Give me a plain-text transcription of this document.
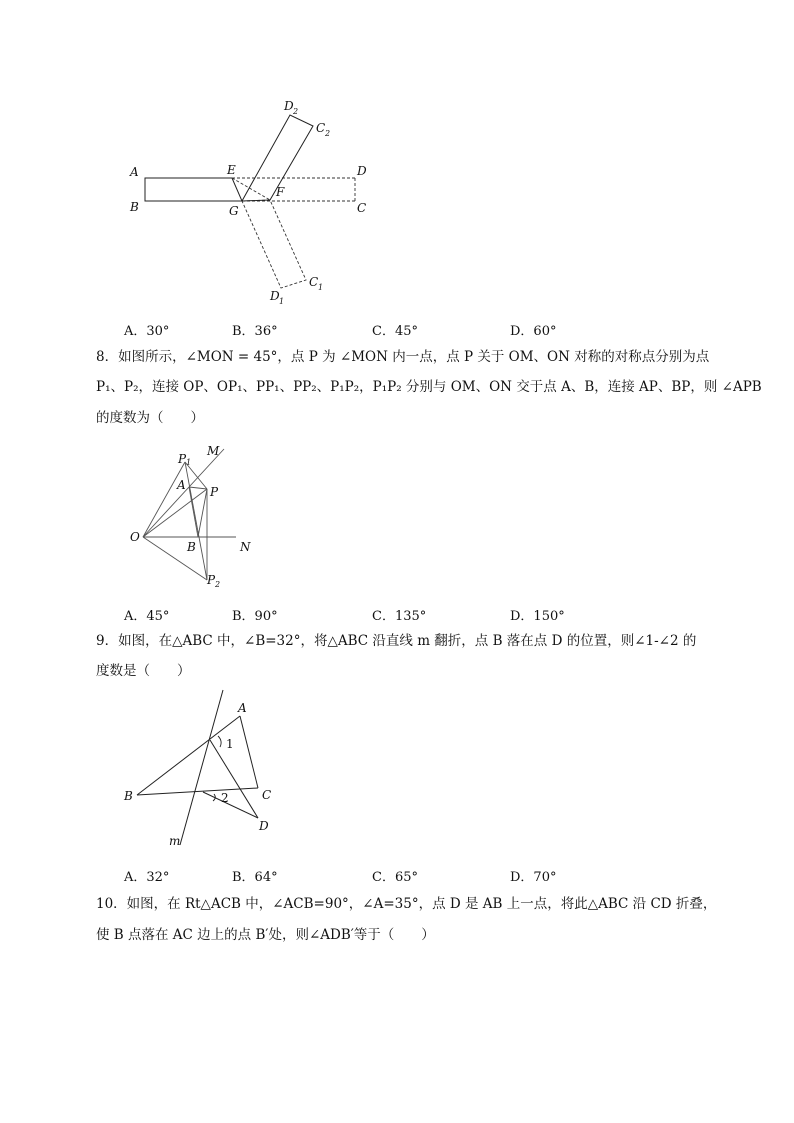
A
B
E
G
F
D
C
D 1
C 1
D 2
C 2
A．30°	B．36°	C．45°	D．60°
8．如图所示，∠MON = 45°，点 P 为 ∠MON 内一点，点 P 关于 OM、ON 对称的对称点分别为点
P₁、P₂，连接 OP、OP₁、PP₁、PP₂、P₁P₂，P₁P₂ 分别与 OM、ON 交于点 A、B，连接 AP、BP，则 ∠APB
的度数为（　　）
M
N
O
A
B
P
P 1
P 2
A．45°	B．90°	C．135°	D．150°
9．如图，在△ABC 中，∠B=32°，将△ABC 沿直线 m 翻折，点 B 落在点 D 的位置，则∠1-∠2 的
度数是（　　）
A
B	C
D
m
1
2
A．32°	B．64°	C．65°	D．70°
10．如图，在 Rt△ACB 中，∠ACB=90°，∠A=35°，点 D 是 AB 上一点，将此△ABC 沿 CD 折叠，
使 B 点落在 AC 边上的点 B′处，则∠ADB′等于（　　）
